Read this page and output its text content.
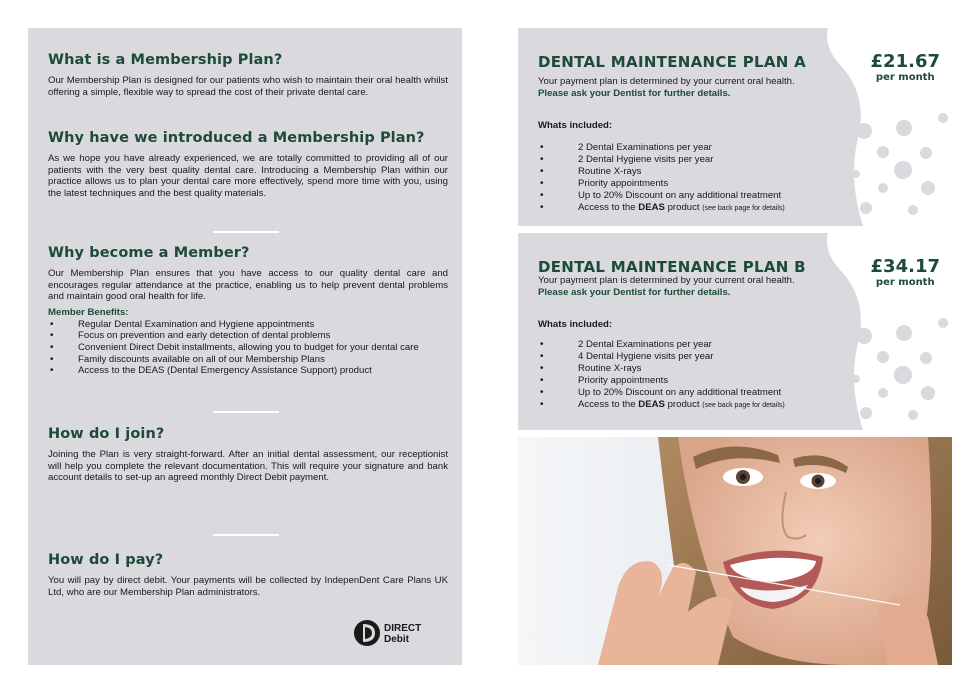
What is a Membership Plan?

Our Membership Plan is designed for our patients who wish to maintain their oral health whilst offering a simple, flexible way to spread the cost of their private dental care.

Why have we introduced a Membership Plan?

As we hope you have already experienced, we are totally committed to providing all of our patients with the very best quality dental care. Introducing a Membership Plan within our practice allows us to plan your dental care more effectively, spend more time with you, using the latest techniques and the best quality materials.

Why become a Member?

Our Membership Plan ensures that you have access to our quality dental care and encourages regular attendance at the practice, enabling us to help prevent dental problems and maintain good oral health for life.

Member Benefits:
• Regular Dental Examination and Hygiene appointments
• Focus on prevention and early detection of dental problems
• Convenient Direct Debit installments, allowing you to budget for your dental care
• Family discounts available on all of our Membership Plans
• Access to the DEAS (Dental Emergency Assistance Support) product
How do I join?

Joining the Plan is very straight-forward. After an initial dental assessment, our receptionist will help you complete the relevant documentation. This will require your signature and bank account details to set-up an agreed monthly Direct Debit payment.

How do I pay?

You will pay by direct debit. Your payments will be collected by IndepenDent Care Plans UK Ltd, who are our Membership Plan administrators.

DIRECT
Debit
DENTAL MAINTENANCE PLAN A	£21.67
per month
Your payment plan is determined by your current oral health.
Please ask your Dentist for further details.
Whats included:
• 2 Dental Examinations per year
• 2 Dental Hygiene visits per year
• Routine X-rays
• Priority appointments
• Up to 20% Discount on any additional treatment
• Access to the DEAS product (see back page for details)
DENTAL MAINTENANCE PLAN B	£34.17
per month
Your payment plan is determined by your current oral health.
Please ask your Dentist for further details.
Whats included:
• 2 Dental Examinations per year
• 4 Dental Hygiene visits per year
• Routine X-rays
• Priority appointments
• Up to 20% Discount on any additional treatment
• Access to the DEAS product (see back page for details)
